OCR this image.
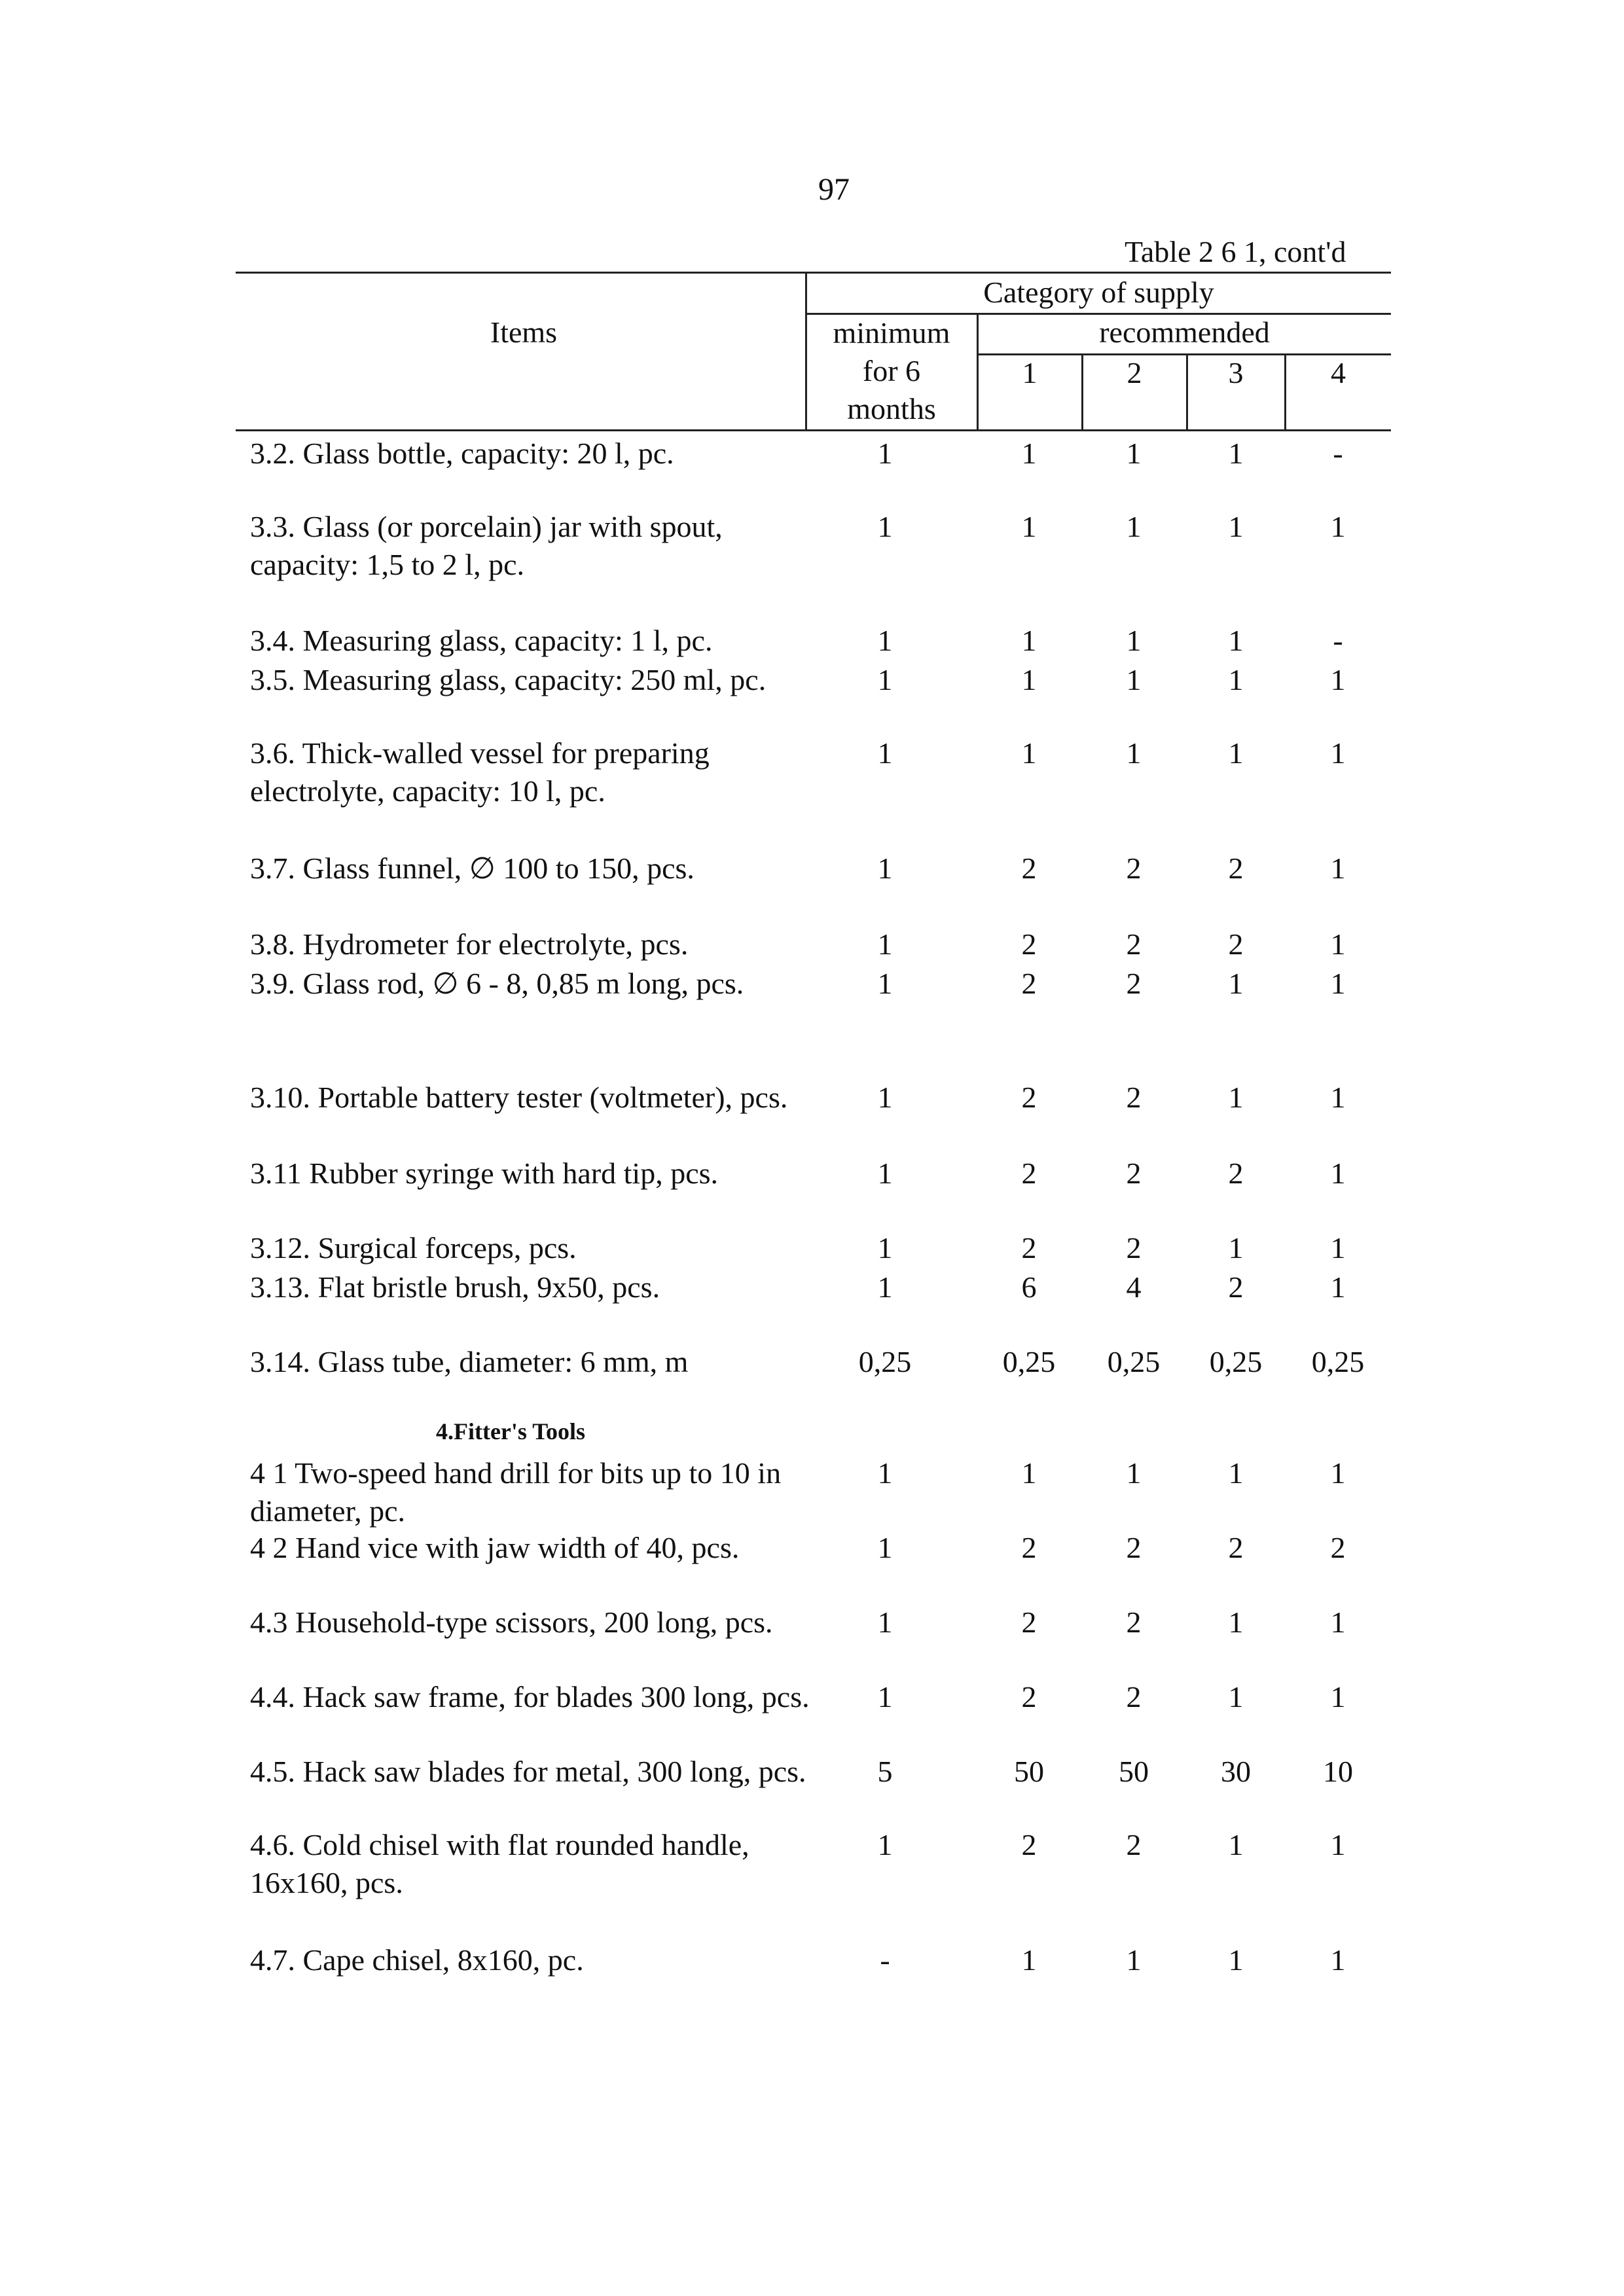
97
Table 2 6 1, cont'd
Items
Category of supply
minimum
for 6
months
recommended
1	2	3	4
3.2. Glass bottle, capacity: 20 l, pc.	1	1	1	1	-
3.3. Glass (or porcelain) jar with spout, capacity: 1,5 to 2 l, pc.
1	1	1	1	1
3.4. Measuring glass, capacity: 1 l, pc.	1	1	1	1	-
3.5. Measuring glass, capacity: 250 ml, pc.	1	1	1	1	1
3.6. Thick-walled vessel for preparing electrolyte, capacity: 10 l, pc.
1	1	1	1	1
3.7. Glass funnel, ∅ 100 to 150, pcs.	1	2	2	2	1
3.8. Hydrometer for electrolyte, pcs.	1	2	2	2	1
3.9. Glass rod, ∅ 6 - 8, 0,85 m long, pcs.	1	2	2	1	1
3.10. Portable battery tester (voltmeter), pcs.	1	2	2	1	1
3.11 Rubber syringe with hard tip, pcs.	1	2	2	2	1
3.12. Surgical forceps, pcs.	1	2	2	1	1
3.13. Flat bristle brush, 9x50, pcs.	1	6	4	2	1
3.14. Glass tube, diameter: 6 mm, m	0,25	0,25	0,25	0,25	0,25
4 1 Two-speed hand drill for bits up to 10 in diameter, pc.
1	1	1	1	1
4 2 Hand vice with jaw width of 40, pcs.	1	2	2	2	2
4.3 Household-type scissors, 200 long, pcs.	1	2	2	1	1
4.4. Hack saw frame, for blades 300 long, pcs.	1	2	2	1	1
4.5. Hack saw blades for metal, 300 long, pcs.	5	50	50	30	10
4.6. Cold chisel with flat rounded handle, 16x160, pcs.
1	2	2	1	1
4.7. Cape chisel, 8x160, pc.	-	1	1	1	1
4.Fitter's Tools
